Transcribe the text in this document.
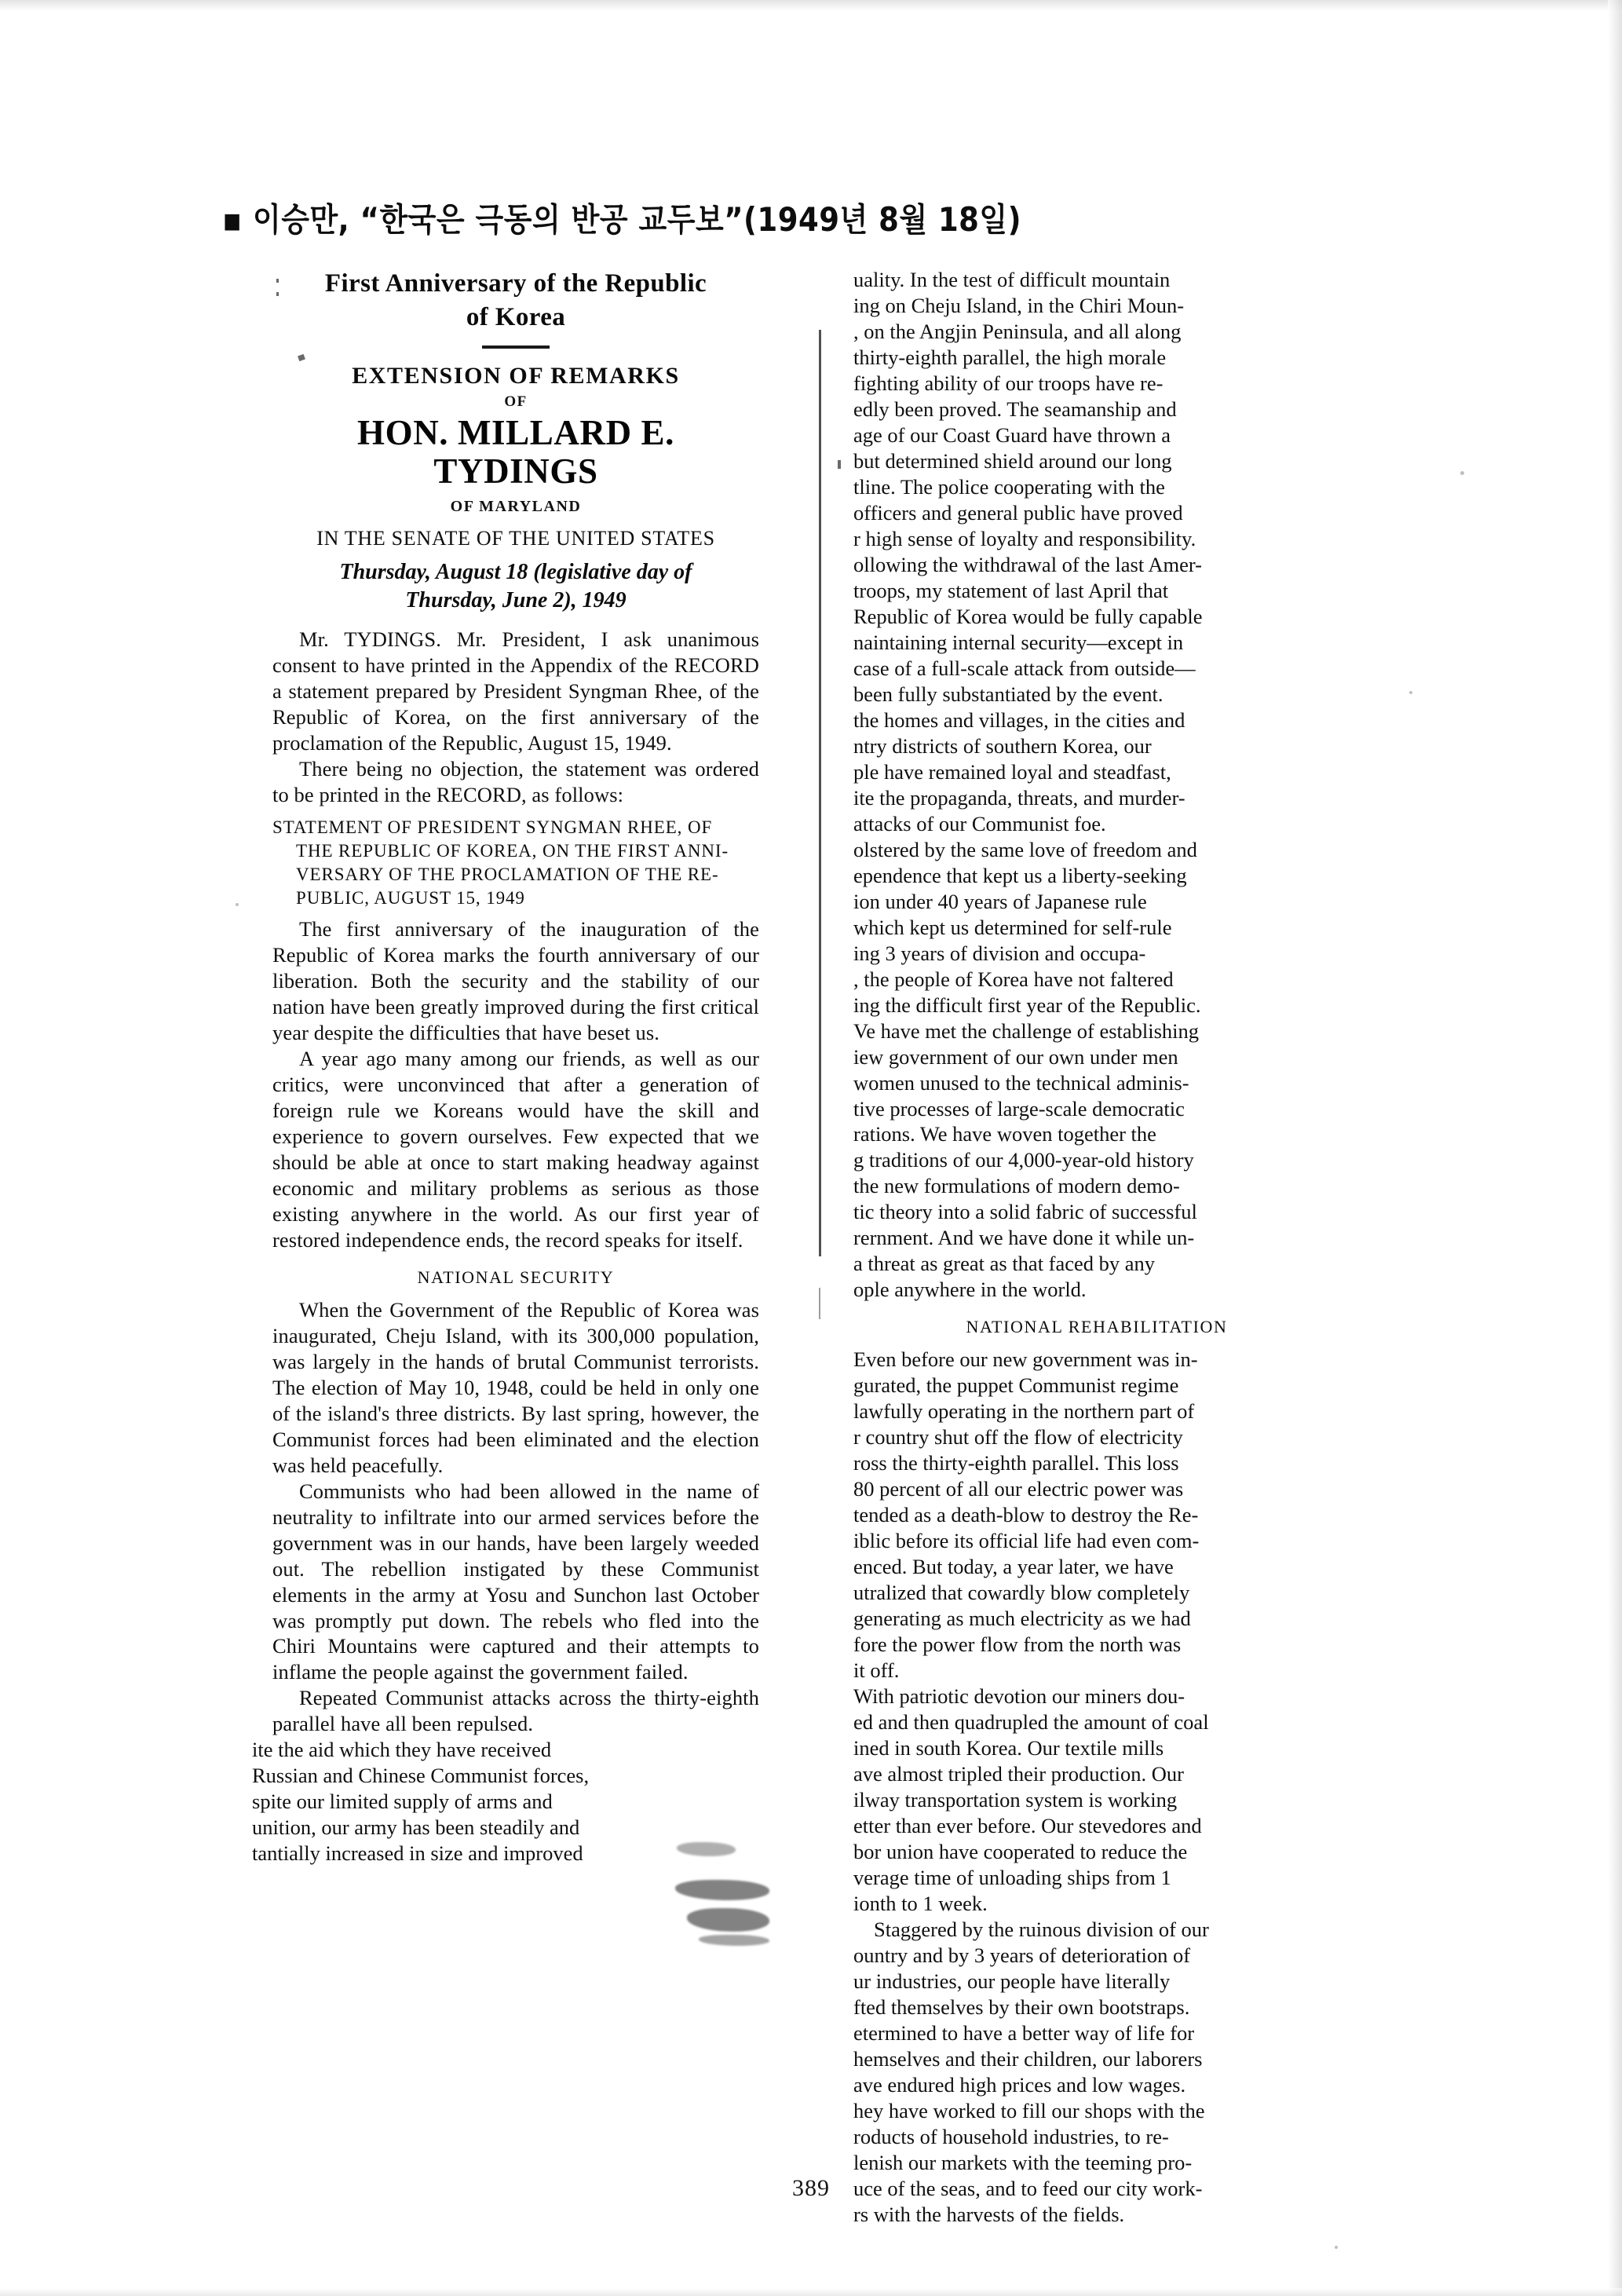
▪ 이승만, “한국은 극동의 반공 교두보”(1949년 8월 18일)
First Anniversary of the Republic
of Korea
EXTENSION OF REMARKS
OF
HON. MILLARD E. TYDINGS
OF MARYLAND
IN THE SENATE OF THE UNITED STATES
Thursday, August 18 (legislative day of
Thursday, June 2), 1949

Mr. TYDINGS. Mr. President, I ask unanimous consent to have printed in the Appendix of the RECORD a statement prepared by President Syngman Rhee, of the Republic of Korea, on the first anniversary of the proclamation of the Republic, August 15, 1949.

There being no objection, the statement was ordered to be printed in the RECORD, as follows:

STATEMENT OF PRESIDENT SYNGMAN RHEE, OF
THE REPUBLIC OF KOREA, ON THE FIRST ANNI-
VERSARY OF THE PROCLAMATION OF THE RE-
PUBLIC, AUGUST 15, 1949

The first anniversary of the inauguration of the Republic of Korea marks the fourth anniversary of our liberation. Both the security and the stability of our nation have been greatly improved during the first critical year despite the difficulties that have beset us.

A year ago many among our friends, as well as our critics, were unconvinced that after a generation of foreign rule we Koreans would have the skill and experience to govern ourselves. Few expected that we should be able at once to start making headway against economic and military problems as serious as those existing anywhere in the world. As our first year of restored independence ends, the record speaks for itself.

NATIONAL SECURITY

When the Government of the Republic of Korea was inaugurated, Cheju Island, with its 300,000 population, was largely in the hands of brutal Communist terrorists. The election of May 10, 1948, could be held in only one of the island's three districts. By last spring, however, the Communist forces had been eliminated and the election was held peacefully.

Communists who had been allowed in the name of neutrality to infiltrate into our armed services before the government was in our hands, have been largely weeded out. The rebellion instigated by these Communist elements in the army at Yosu and Sunchon last October was promptly put down. The rebels who fled into the Chiri Mountains were captured and their attempts to inflame the people against the government failed.

Repeated Communist attacks across the thirty-eighth parallel have all been repulsed.

ite the aid which they have received

Russian and Chinese Communist forces,

spite our limited supply of arms and

unition, our army has been steadily and

tantially increased in size and improved

uality. In the test of difficult mountain

ing on Cheju Island, in the Chiri Moun-

, on the Angjin Peninsula, and all along

thirty-eighth parallel, the high morale

fighting ability of our troops have re-

edly been proved. The seamanship and

age of our Coast Guard have thrown a

but determined shield around our long

tline. The police cooperating with the

officers and general public have proved

r high sense of loyalty and responsibility.

ollowing the withdrawal of the last Amer-

troops, my statement of last April that

Republic of Korea would be fully capable

naintaining internal security—except in

case of a full-scale attack from outside—

been fully substantiated by the event.

the homes and villages, in the cities and

ntry districts of southern Korea, our

ple have remained loyal and steadfast,

ite the propaganda, threats, and murder-

attacks of our Communist foe.

olstered by the same love of freedom and

ependence that kept us a liberty-seeking

ion under 40 years of Japanese rule

which kept us determined for self-rule

ing 3 years of division and occupa-

, the people of Korea have not faltered

ing the difficult first year of the Republic.

Ve have met the challenge of establishing

iew government of our own under men

women unused to the technical adminis-

tive processes of large-scale democratic

rations. We have woven together the

g traditions of our 4,000-year-old history

the new formulations of modern demo-

tic theory into a solid fabric of successful

rernment. And we have done it while un-

a threat as great as that faced by any

ople anywhere in the world.

NATIONAL REHABILITATION

Even before our new government was in-

gurated, the puppet Communist regime

lawfully operating in the northern part of

r country shut off the flow of electricity

ross the thirty-eighth parallel. This loss

80 percent of all our electric power was

tended as a death-blow to destroy the Re-

iblic before its official life had even com-

enced. But today, a year later, we have

utralized that cowardly blow completely

generating as much electricity as we had

fore the power flow from the north was

it off.

With patriotic devotion our miners dou-

ed and then quadrupled the amount of coal

ined in south Korea. Our textile mills

ave almost tripled their production. Our

ilway transportation system is working

etter than ever before. Our stevedores and

bor union have cooperated to reduce the

verage time of unloading ships from 1

ionth to 1 week.

Staggered by the ruinous division of our

ountry and by 3 years of deterioration of

ur industries, our people have literally

fted themselves by their own bootstraps.

etermined to have a better way of life for

hemselves and their children, our laborers

ave endured high prices and low wages.

hey have worked to fill our shops with the

roducts of household industries, to re-

lenish our markets with the teeming pro-

uce of the seas, and to feed our city work-

rs with the harvests of the fields.

389
